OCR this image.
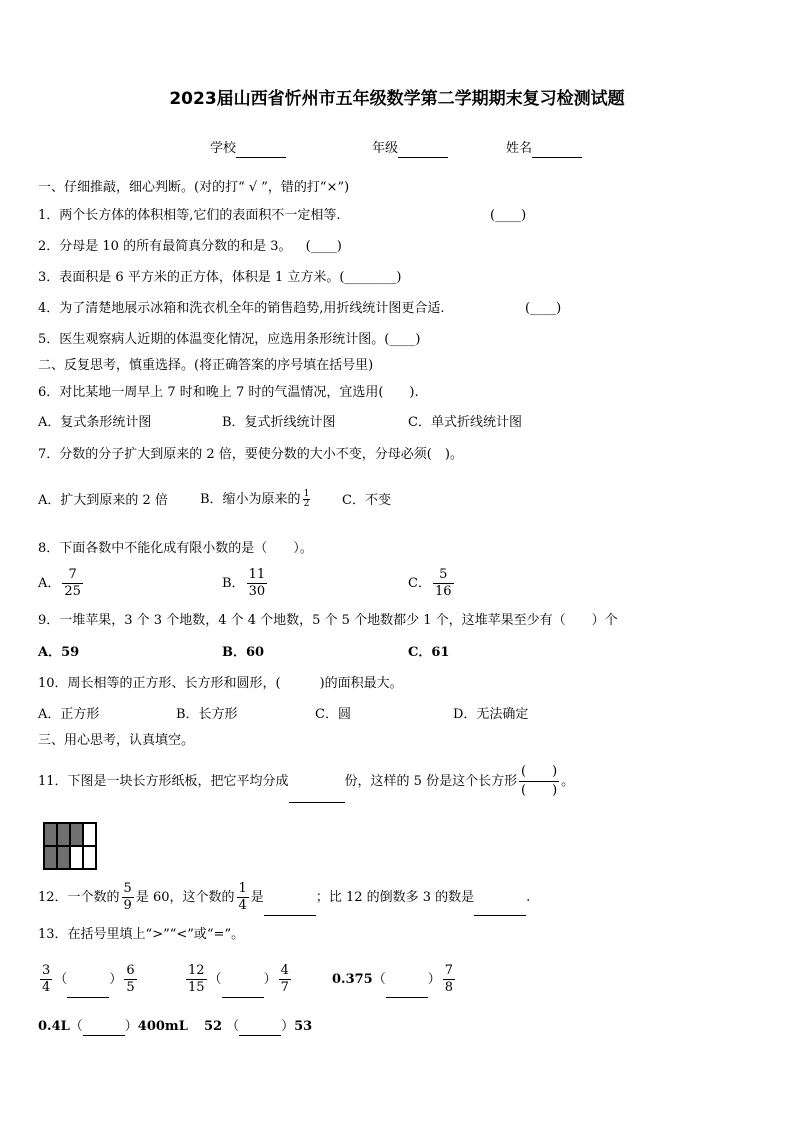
2023届山西省忻州市五年级数学第二学期期末复习检测试题
学校	年级	姓名
一、仔细推敲，细心判断。(对的打“ √ ”，错的打“×”)
1．两个长方体的体积相等,它们的表面积不一定相等.	(____)
2．分母是 10 的所有最简真分数的和是 3。 (____)
3．表面积是 6 平方米的正方体，体积是 1 立方米。(________)
4．为了清楚地展示冰箱和洗衣机全年的销售趋势,用折线统计图更合适.	(____)
5．医生观察病人近期的体温变化情况，应选用条形统计图。(____)
二、反复思考，慎重选择。(将正确答案的序号填在括号里)
6．对比某地一周早上 7 时和晚上 7 时的气温情况，宜选用(　　).
A．复式条形统计图	B．复式折线统计图	C．单式折线统计图
7．分数的分子扩大到原来的 2 倍，要使分数的大小不变，分母必须(　)。
A．扩大到原来的 2 倍 B．缩小为原来的 $\frac{1}{2}$ C．不变
8．下面各数中不能化成有限小数的是（　　）。
A． $\frac{7}{25}$	B． $\frac{11}{30}$	C． $\frac{5}{16}$
9．一堆苹果，3 个 3 个地数，4 个 4 个地数，5 个 5 个地数都少 1 个，这堆苹果至少有（　　）个
A．59	B．60	C．61
10．周长相等的正方形、长方形和圆形，(　　　)的面积最大。
A．正方形	B．长方形	C．圆	D．无法确定
三、用心思考，认真填空。
11．下图是一块长方形纸板，把它平均分成	份，这样的 5 份是这个长方形 $\frac{( )}{( )}$ 。
12．一个数的 $\frac{5}{9}$ 是 60，这个数的 $\frac{1}{4}$ 是	；比 12 的倒数多 3 的数是	.
13．在括号里填上“>”“<”或“=”。
$\frac{3}{4}$ （	） $\frac{6}{5}$	$\frac{12}{15}$ （	） $\frac{4}{7}$	0.375（	） $\frac{7}{8}$
0.4L（	）400mL 52 （	）53
